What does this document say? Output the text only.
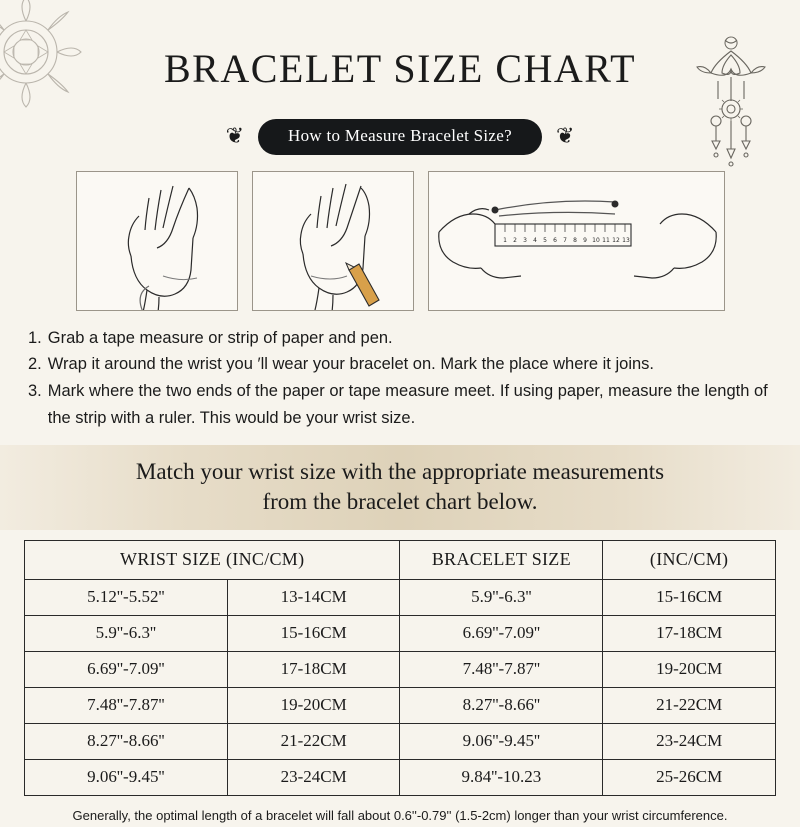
BRACELET SIZE CHART
❦	How to Measure Bracelet Size?	❦
1 2 3 4 5 6 7 8 9 10 11 12 13
1. Grab a tape measure or strip of paper and pen.
2. Wrap it around the wrist you ′ll wear your bracelet on. Mark the place where it joins.
3. Mark where the two ends of the paper or tape measure meet. If using paper, measure the length of the strip with a ruler. This would be your wrist size.
Match your wrist size with the appropriate measurements
from the bracelet chart below.
WRIST SIZE (INC/CM)		BRACELET SIZE	(INC/CM)
5.12''-5.52''	13-14CM	5.9''-6.3''	15-16CM
5.9''-6.3''	15-16CM	6.69''-7.09''	17-18CM
6.69''-7.09''	17-18CM	7.48''-7.87''	19-20CM
7.48''-7.87''	19-20CM	8.27''-8.66''	21-22CM
8.27''-8.66''	21-22CM	9.06''-9.45''	23-24CM
9.06''-9.45''	23-24CM	9.84''-10.23	25-26CM
Generally, the optimal length of a bracelet will fall about 0.6''-0.79'' (1.5-2cm) longer than your wrist circumference.
